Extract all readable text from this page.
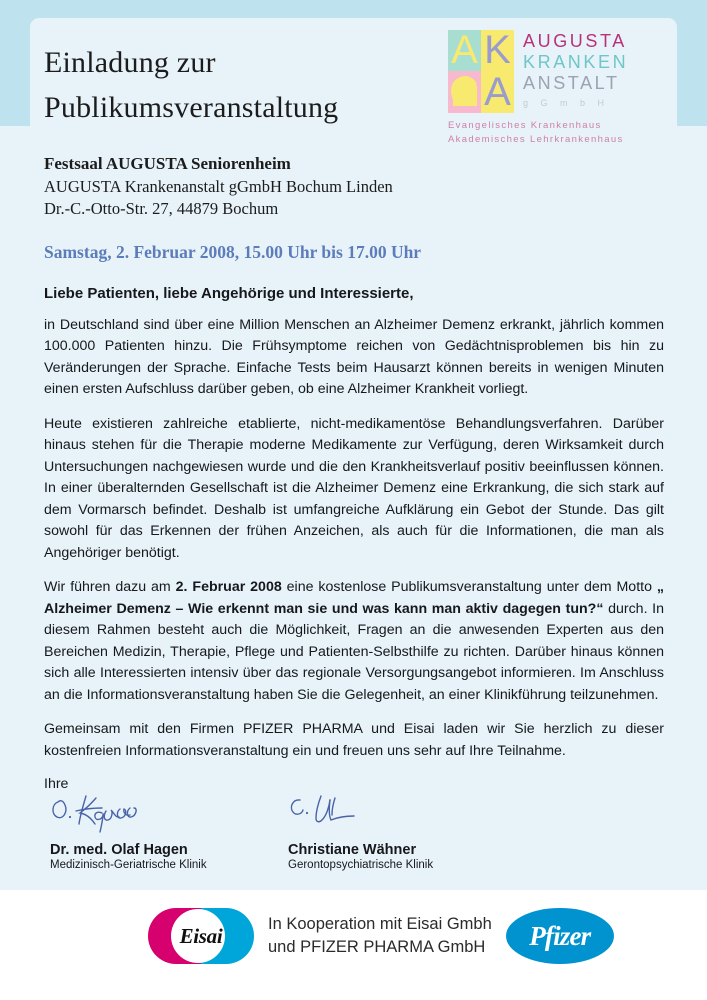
Einladung zur
Publikumsveranstaltung
A K
G A
AUGUSTA
KRANKEN
ANSTALT
g G m b H
Evangelisches Krankenhaus
Akademisches Lehrkrankenhaus
Festsaal AUGUSTA Seniorenheim
AUGUSTA Krankenanstalt gGmbH Bochum Linden
Dr.-C.-Otto-Str. 27, 44879 Bochum
Samstag, 2. Februar 2008, 15.00 Uhr bis 17.00 Uhr
Liebe Patienten, liebe Angehörige und Interessierte,

in Deutschland sind über eine Million Menschen an Alzheimer Demenz erkrankt, jährlich kommen 100.000 Patienten hinzu. Die Frühsymptome reichen von Gedächtnisproblemen bis hin zu Veränderungen der Sprache. Einfache Tests beim Hausarzt können bereits in wenigen Minuten einen ersten Aufschluss darüber geben, ob eine Alzheimer Krankheit vorliegt.

Heute existieren zahlreiche etablierte, nicht-medikamentöse Behandlungsverfahren. Darüber hinaus stehen für die Therapie moderne Medikamente zur Verfügung, deren Wirksamkeit durch Untersuchungen nachgewiesen wurde und die den Krankheitsverlauf positiv beeinflussen können. In einer überalternden Gesellschaft ist die Alzheimer Demenz eine Erkrankung, die sich stark auf dem Vormarsch befindet. Deshalb ist umfangreiche Aufklärung ein Gebot der Stunde. Das gilt sowohl für das Erkennen der frühen Anzeichen, als auch für die Informationen, die man als Angehöriger benötigt.

Wir führen dazu am 2. Februar 2008 eine kostenlose Publikumsveranstaltung unter dem Motto „ Alzheimer Demenz – Wie erkennt man sie und was kann man aktiv dagegen tun?“ durch. In diesem Rahmen besteht auch die Möglichkeit, Fragen an die anwesenden Experten aus den Bereichen Medizin, Therapie, Pflege und Patienten-Selbsthilfe zu richten. Darüber hinaus können sich alle Interessierten intensiv über das regionale Versorgungsangebot informieren. Im Anschluss an die Informationsveranstaltung haben Sie die Gelegenheit, an einer Klinikführung teilzunehmen.

Gemeinsam mit den Firmen PFIZER PHARMA und Eisai laden wir Sie herzlich zu dieser kostenfreien Informationsveranstaltung ein und freuen uns sehr auf Ihre Teilnahme.

Ihre
Dr. med. Olaf Hagen
Medizinisch-Geriatrische Klinik
Christiane Wähner
Gerontopsychiatrische Klinik
Eisai	In Kooperation mit Eisai Gmbh
und PFIZER PHARMA GmbH	Pfizer
